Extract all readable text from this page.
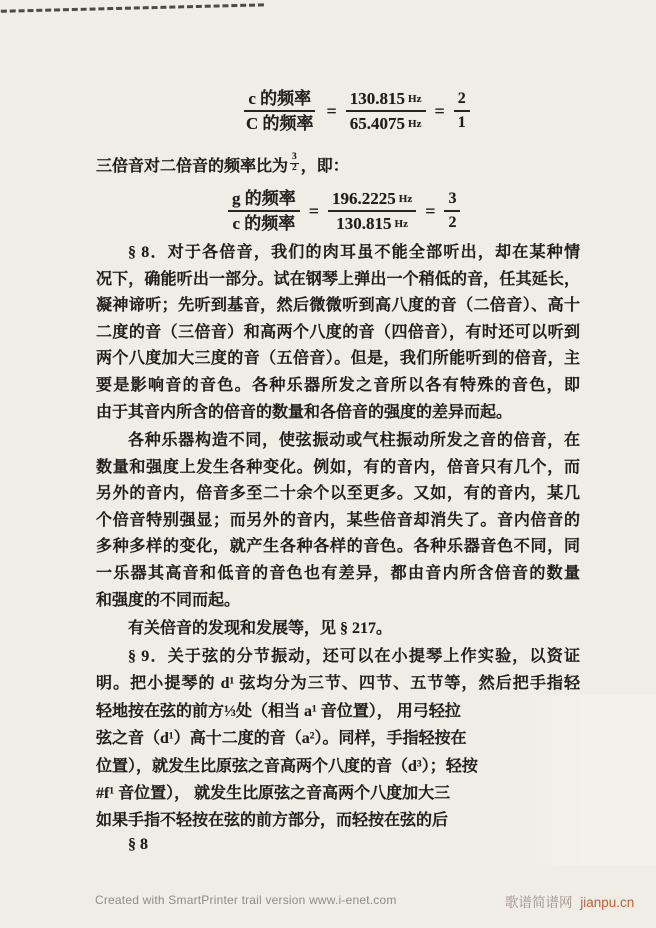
$\frac{\text{c 的频率}}{\text{C 的频率}} = \frac{130.815 Hz}{65.4075 Hz} = \frac{2}{1}$
三倍音对二倍音的频率比为 $\frac{3}{2}$ ，即：
$\frac{\text{g 的频率}}{\text{c 的频率}} = \frac{196.2225 Hz}{130.815 Hz} = \frac{3}{2}$
§ 8．对于各倍音，我们的肉耳虽不能全部听出，却在某种情
况下，确能听出一部分。试在钢琴上弹出一个稍低的音，任其延长，
凝神谛听；先听到基音，然后微微听到高八度的音（二倍音）、高十
二度的音（三倍音）和高两个八度的音（四倍音），有时还可以听到
两个八度加大三度的音（五倍音）。但是，我们所能听到的倍音，主
要是影响音的音色。各种乐器所发之音所以各有特殊的音色，即
由于其音内所含的倍音的数量和各倍音的强度的差异而起。
各种乐器构造不同，使弦振动或气柱振动所发之音的倍音，在
数量和强度上发生各种变化。例如，有的音内，倍音只有几个，而
另外的音内，倍音多至二十余个以至更多。又如，有的音内，某几
个倍音特别强显；而另外的音内，某些倍音却消失了。音内倍音的
多种多样的变化，就产生各种各样的音色。各种乐器音色不同，同
一乐器其高音和低音的音色也有差异，都由音内所含倍音的数量
和强度的不同而起。
有关倍音的发现和发展等，见 § 217。
§ 9．关于弦的分节振动，还可以在小提琴上作实验，以资证
明。把小提琴的 d¹ 弦均分为三节、四节、五节等，然后把手指轻
轻地按在弦的前方⅓处（相当 a¹ 音位置）， 用弓轻拉
弦之音（d¹）高十二度的音（a²）。同样，手指轻按在
位置），就发生比原弦之音高两个八度的音（d³）；轻按
#f¹ 音位置）， 就发生比原弦之音高两个八度加大三
如果手指不轻按在弦的前方部分，而轻按在弦的后
§ 8
Created with SmartPrinter trail version www.i-enet.com	歌谱简谱网 jianpu.cn
